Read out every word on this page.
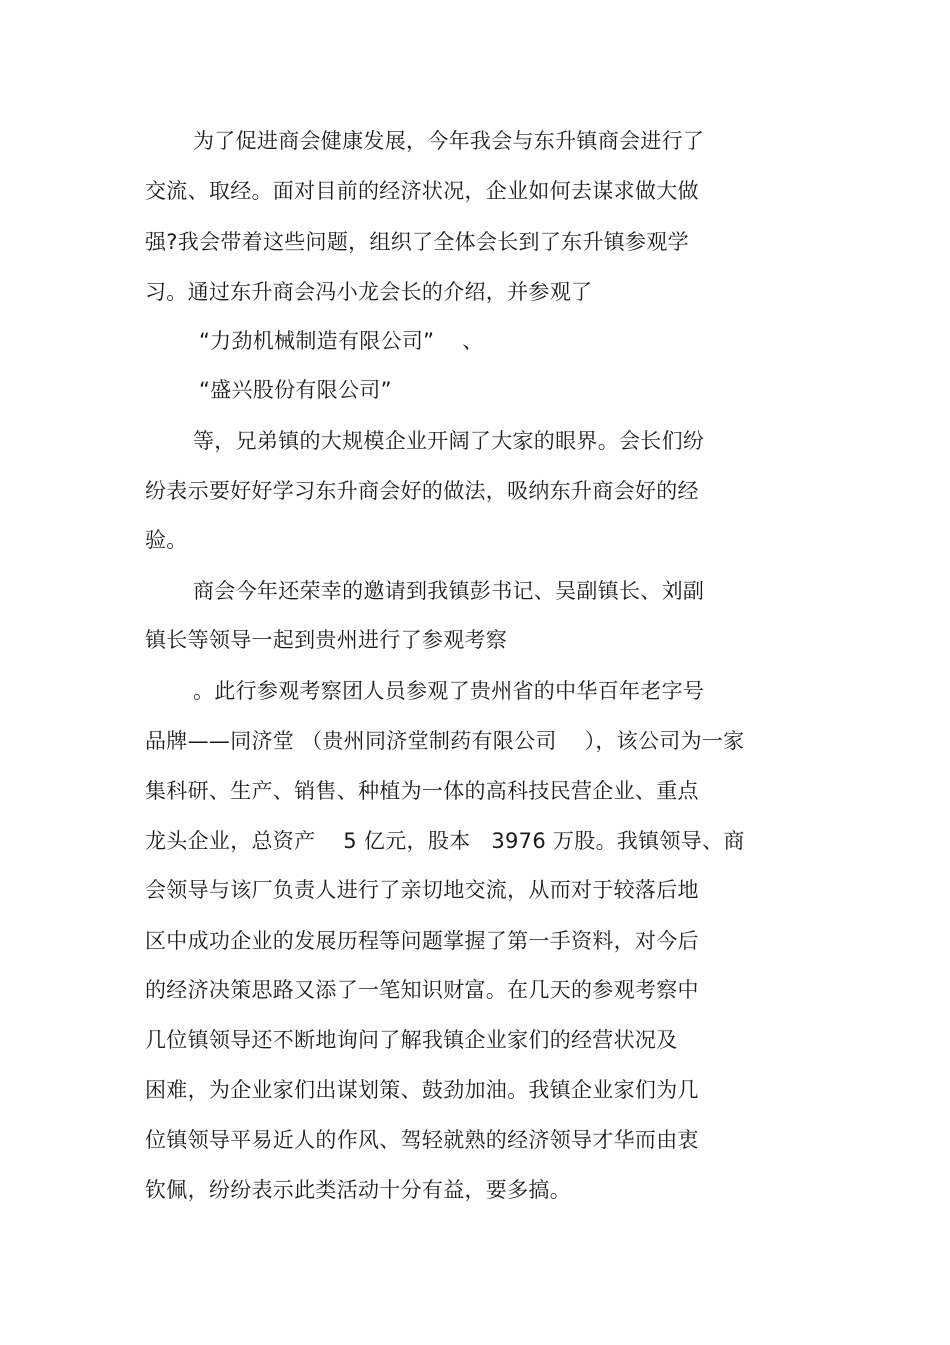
为了促进商会健康发展，今年我会与东升镇商会进行了
交流、取经。面对目前的经济状况，企业如何去谋求做大做
强?我会带着这些问题，组织了全体会长到了东升镇参观学
习。通过东升商会冯小龙会长的介绍，并参观了
“力劲机械制造有限公司”    、
“盛兴股份有限公司”
等，兄弟镇的大规模企业开阔了大家的眼界。会长们纷
纷表示要好好学习东升商会好的做法，吸纳东升商会好的经
验。
商会今年还荣幸的邀请到我镇彭书记、吴副镇长、刘副
镇长等领导一起到贵州进行了参观考察
。此行参观考察团人员参观了贵州省的中华百年老字号
品牌——同济堂 （贵州同济堂制药有限公司    ），该公司为一家
集科研、生产、销售、种植为一体的高科技民营企业、重点
龙头企业，总资产    5 亿元，股本   3976 万股。我镇领导、商
会领导与该厂负责人进行了亲切地交流，从而对于较落后地
区中成功企业的发展历程等问题掌握了第一手资料，对今后
的经济决策思路又添了一笔知识财富。在几天的参观考察中
几位镇领导还不断地询问了解我镇企业家们的经营状况及
困难，为企业家们出谋划策、鼓劲加油。我镇企业家们为几
位镇领导平易近人的作风、驾轻就熟的经济领导才华而由衷
钦佩，纷纷表示此类活动十分有益，要多搞。
